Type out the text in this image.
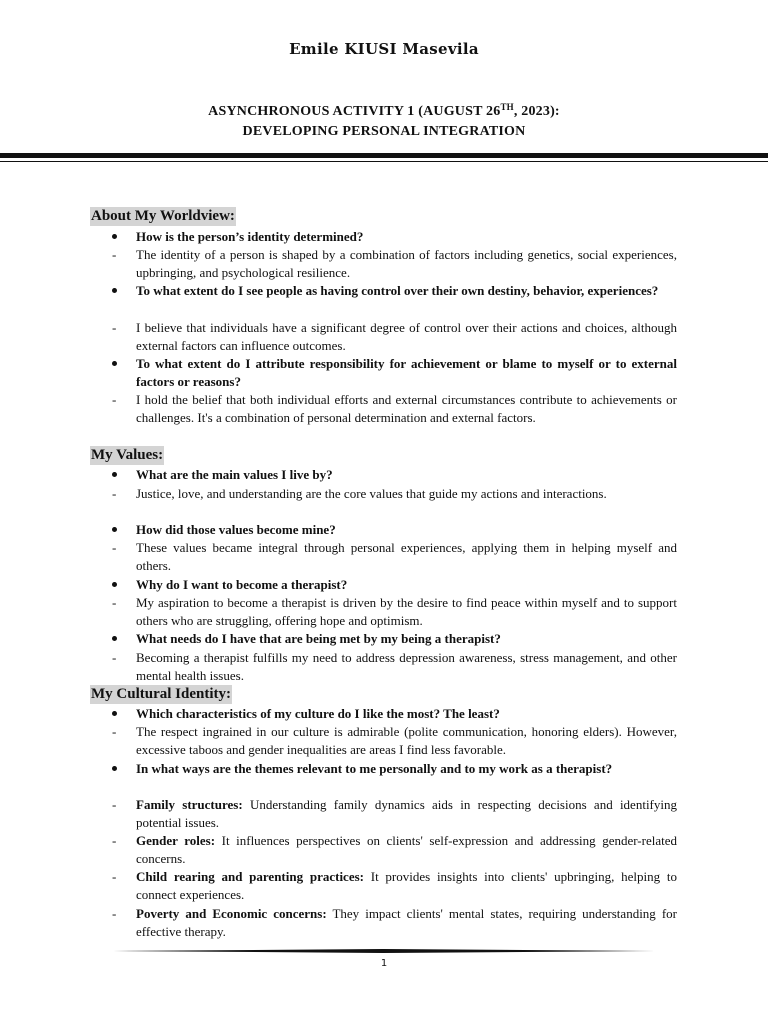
Emile KIUSI Masevila
ASYNCHRONOUS ACTIVITY 1 (AUGUST 26TH, 2023):
DEVELOPING PERSONAL INTEGRATION
About My Worldview:
How is the person’s identity determined?
-	The identity of a person is shaped by a combination of factors including genetics, social experiences, upbringing, and psychological resilience.
To what extent do I see people as having control over their own destiny, behavior, experiences?
-	I believe that individuals have a significant degree of control over their actions and choices, although external factors can influence outcomes.
To what extent do I attribute responsibility for achievement or blame to myself or to external factors or reasons?
-	I hold the belief that both individual efforts and external circumstances contribute to achievements or challenges. It's a combination of personal determination and external factors.
My Values:
What are the main values I live by?
-	Justice, love, and understanding are the core values that guide my actions and interactions.
How did those values become mine?
-	These values became integral through personal experiences, applying them in helping myself and others.
Why do I want to become a therapist?
-	My aspiration to become a therapist is driven by the desire to find peace within myself and to support others who are struggling, offering hope and optimism.
What needs do I have that are being met by my being a therapist?
-	Becoming a therapist fulfills my need to address depression awareness, stress management, and other mental health issues.
My Cultural Identity:
Which characteristics of my culture do I like the most? The least?
-	The respect ingrained in our culture is admirable (polite communication, honoring elders). However, excessive taboos and gender inequalities are areas I find less favorable.
In what ways are the themes relevant to me personally and to my work as a therapist?
-	Family structures: Understanding family dynamics aids in respecting decisions and identifying potential issues.
-	Gender roles: It influences perspectives on clients' self-expression and addressing gender-related concerns.
-	Child rearing and parenting practices: It provides insights into clients' upbringing, helping to connect experiences.
-	Poverty and Economic concerns: They impact clients' mental states, requiring understanding for effective therapy.
1
